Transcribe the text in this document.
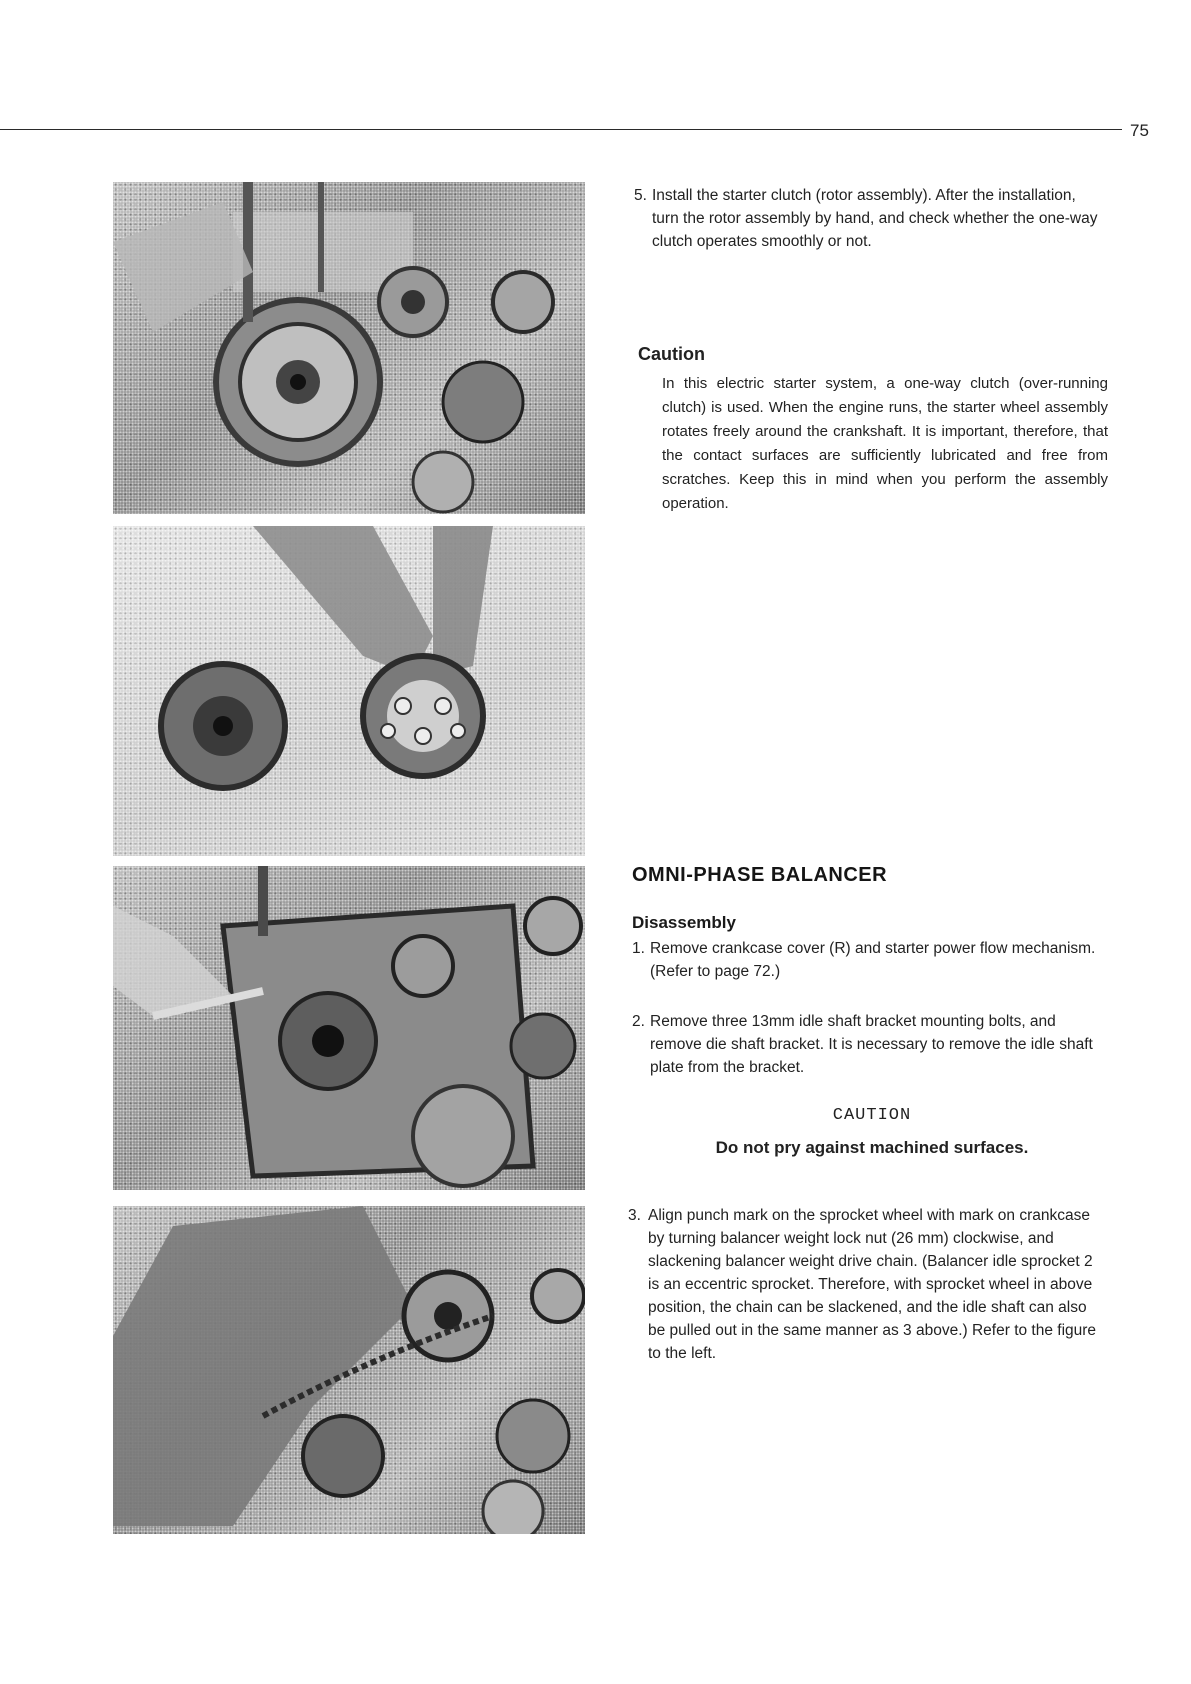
75
5. Install the starter clutch (rotor assembly). After the installation, turn the rotor assembly by hand, and check whether the one-way clutch operates smoothly or not.
Caution
In this electric starter system, a one-way clutch (over-running clutch) is used. When the engine runs, the starter wheel assembly rotates freely around the crankshaft. It is important, therefore, that the contact surfaces are sufficiently lubricated and free from scratches. Keep this in mind when you perform the assembly operation.
OMNI-PHASE BALANCER
Disassembly
1. Remove crankcase cover (R) and starter power flow mechanism. (Refer to page 72.)
2. Remove three 13mm idle shaft bracket mounting bolts, and remove die shaft bracket. It is necessary to remove the idle shaft plate from the bracket.
CAUTION
Do not pry against machined surfaces.
3. Align punch mark on the sprocket wheel with mark on crankcase by turning balancer weight lock nut (26 mm) clockwise, and slackening balancer weight drive chain. (Balancer idle sprocket 2 is an eccentric sprocket. Therefore, with sprocket wheel in above position, the chain can be slackened, and the idle shaft can also be pulled out in the same manner as 3 above.) Refer to the figure to the left.
